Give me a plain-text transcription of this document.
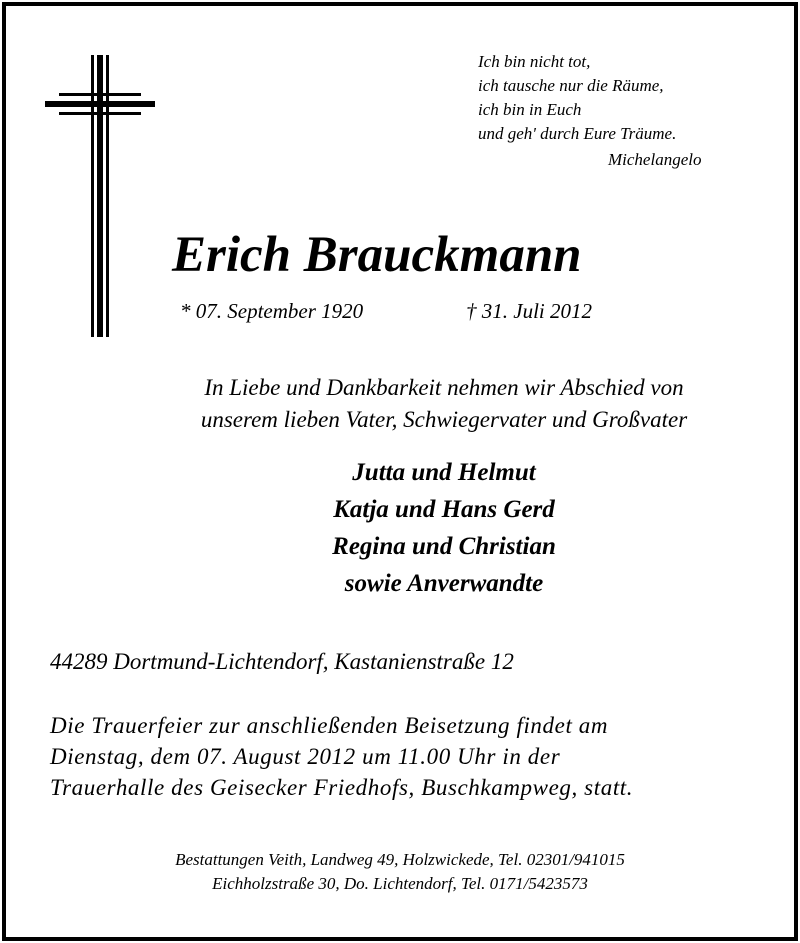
Ich bin nicht tot,
ich tausche nur die Räume,
ich bin in Euch
und geh' durch Eure Träume.
Michelangelo
Erich Brauckmann
* 07. September 1920	† 31. Juli 2012
In Liebe und Dankbarkeit nehmen wir Abschied von
unserem lieben Vater, Schwiegervater und Großvater
Jutta und Helmut
Katja und Hans Gerd
Regina und Christian
sowie Anverwandte
44289 Dortmund-Lichtendorf, Kastanienstraße 12
Die Trauerfeier zur anschließenden Beisetzung findet am
Dienstag, dem 07. August 2012 um 11.00 Uhr in der
Trauerhalle des Geisecker Friedhofs, Buschkampweg, statt.
Bestattungen Veith, Landweg 49, Holzwickede, Tel. 02301/941015
Eichholzstraße 30, Do. Lichtendorf, Tel. 0171/5423573
